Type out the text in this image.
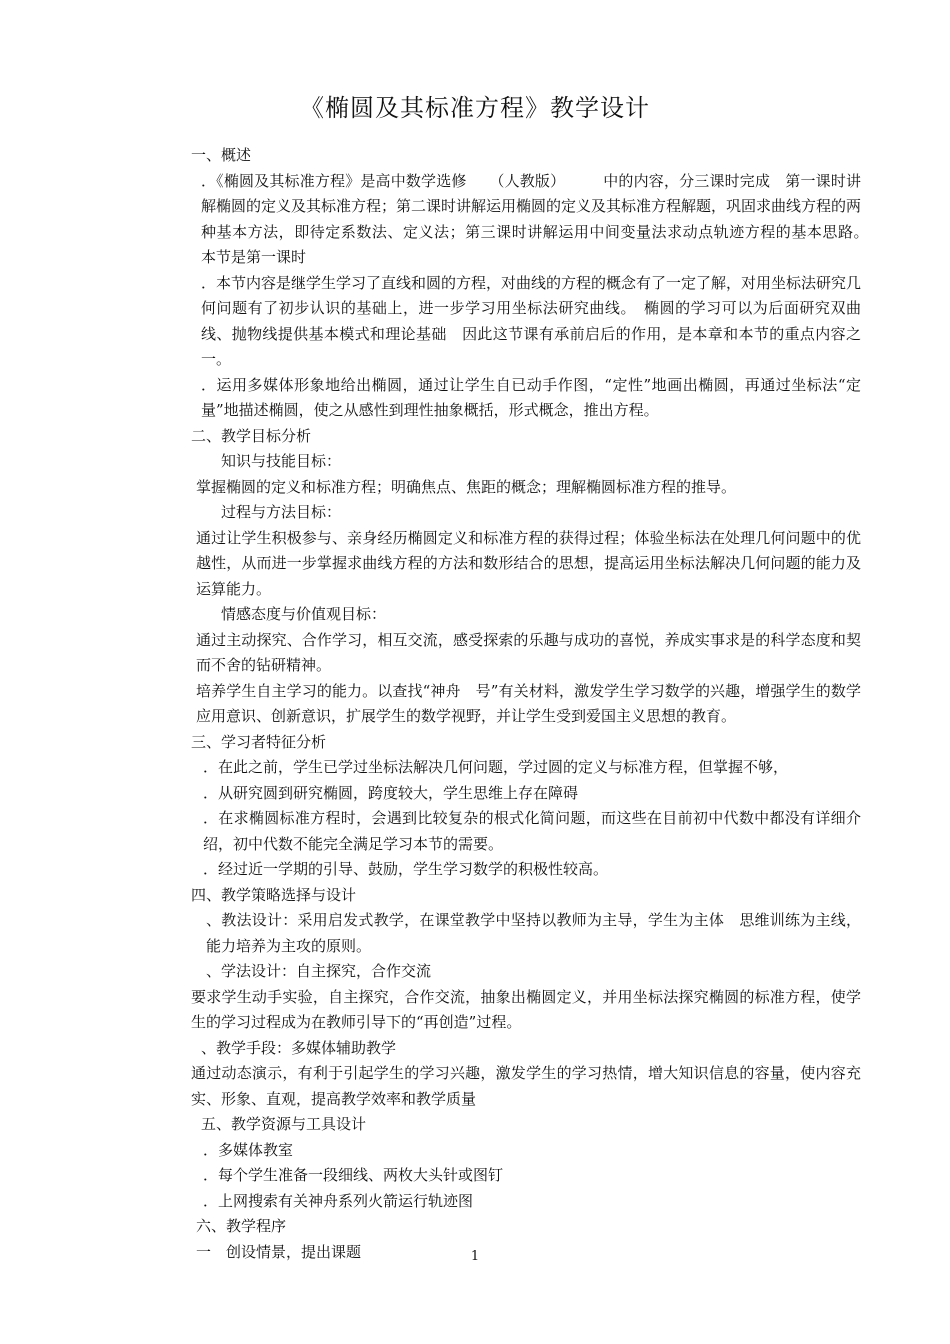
《椭圆及其标准方程》教学设计

一、概述

．《椭圆及其标准方程》是高中数学选修　　（人教版）　　　中的内容，分三课时完成　第一课时讲解椭圆的定义及其标准方程；第二课时讲解运用椭圆的定义及其标准方程解题，巩固求曲线方程的两种基本方法，即待定系数法、定义法；第三课时讲解运用中间变量法求动点轨迹方程的基本思路。　本节是第一课时

．本节内容是继学生学习了直线和圆的方程，对曲线的方程的概念有了一定了解，对用坐标法研究几何问题有了初步认识的基础上，进一步学习用坐标法研究曲线。　椭圆的学习可以为后面研究双曲线、抛物线提供基本模式和理论基础　因此这节课有承前启后的作用，是本章和本节的重点内容之一。

．运用多媒体形象地给出椭圆，通过让学生自已动手作图，“定性”地画出椭圆，再通过坐标法“定量”地描述椭圆，使之从感性到理性抽象概括，形式概念，推出方程。

二、教学目标分析

知识与技能目标：

掌握椭圆的定义和标准方程；明确焦点、焦距的概念；理解椭圆标准方程的推导。

过程与方法目标：

通过让学生积极参与、亲身经历椭圆定义和标准方程的获得过程；体验坐标法在处理几何问题中的优越性，从而进一步掌握求曲线方程的方法和数形结合的思想，提高运用坐标法解决几何问题的能力及运算能力。

情感态度与价值观目标：

通过主动探究、合作学习，相互交流，感受探索的乐趣与成功的喜悦，养成实事求是的科学态度和契而不舍的钻研精神。

培养学生自主学习的能力。以查找“神舟　号”有关材料，激发学生学习数学的兴趣，增强学生的数学应用意识、创新意识，扩展学生的数学视野，并让学生受到爱国主义思想的教育。

三、学习者特征分析

．在此之前，学生已学过坐标法解决几何问题，学过圆的定义与标准方程，但掌握不够，

．从研究圆到研究椭圆，跨度较大，学生思维上存在障碍

．在求椭圆标准方程时，会遇到比较复杂的根式化简问题，而这些在目前初中代数中都没有详细介绍，初中代数不能完全满足学习本节的需要。

．经过近一学期的引导、鼓励，学生学习数学的积极性较高。

四、教学策略选择与设计

、教法设计：采用启发式教学，在课堂教学中坚持以教师为主导，学生为主体　思维训练为主线，能力培养为主攻的原则。

、学法设计：自主探究，合作交流

要求学生动手实验，自主探究，合作交流，抽象出椭圆定义，并用坐标法探究椭圆的标准方程，使学生的学习过程成为在教师引导下的“再创造”过程。

、教学手段：多媒体辅助教学

通过动态演示，有利于引起学生的学习兴趣，激发学生的学习热情，增大知识信息的容量，使内容充实、形象、直观，提高教学效率和教学质量

五、教学资源与工具设计

．多媒体教室

．每个学生准备一段细线、两枚大头针或图钉

．上网搜索有关神舟系列火箭运行轨迹图

六、教学程序

一　创设情景，提出课题	1
